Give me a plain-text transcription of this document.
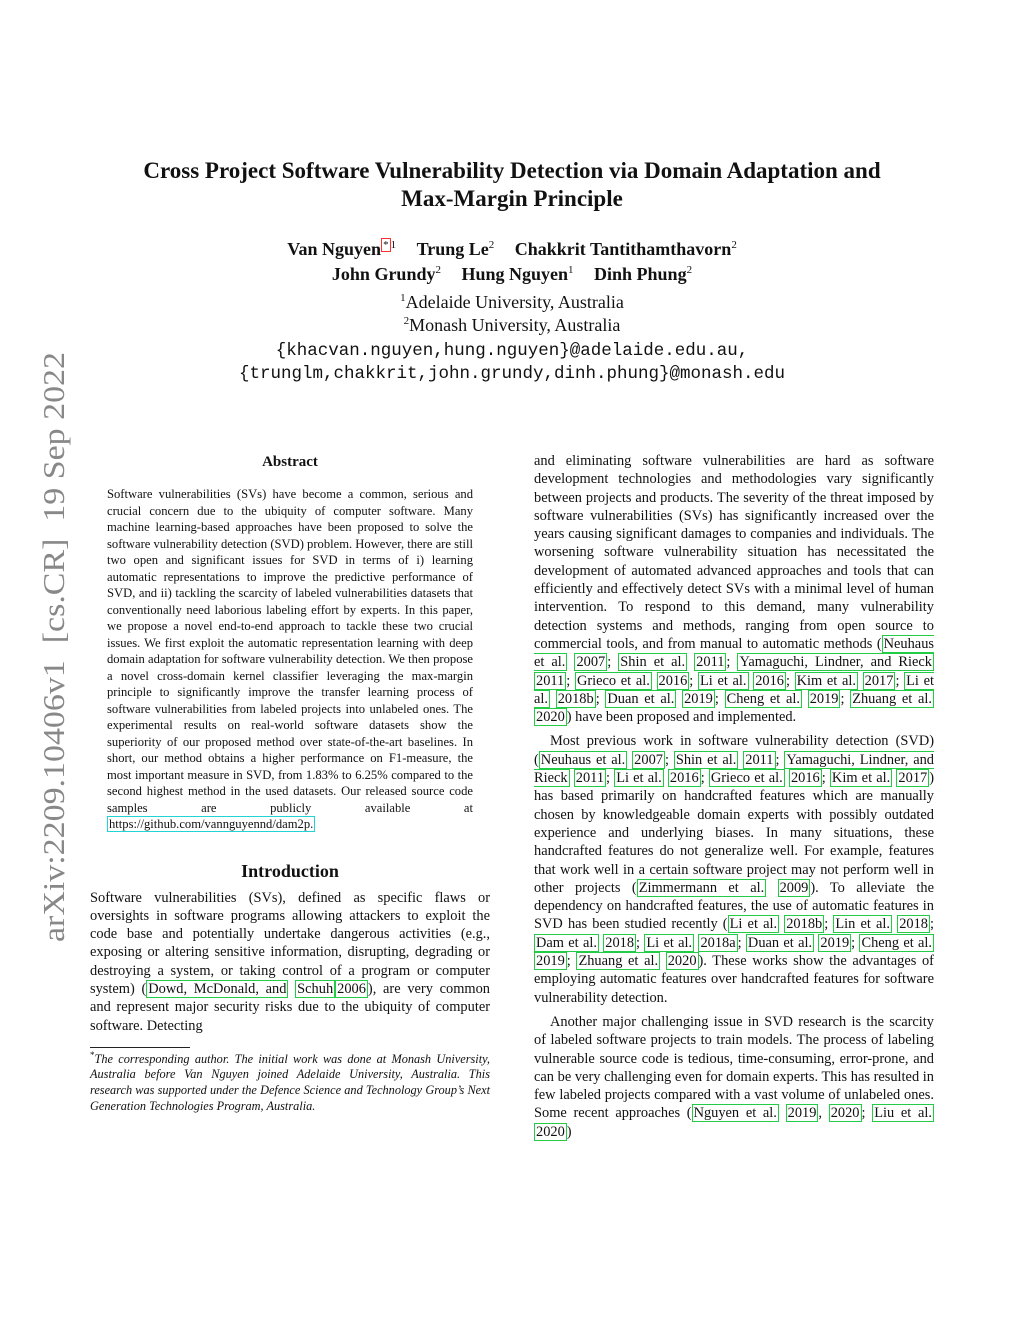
arXiv:2209.10406v1  [cs.CR]  19 Sep 2022
Cross Project Software Vulnerability Detection via Domain Adaptation and
Max-Margin Principle
Van Nguyen $^{* 1}$ Trung Le$^2$ Chakkrit Tantithamthavorn$^2$
John Grundy$^2$ Hung Nguyen$^1$ Dinh Phung$^2$
$^1$Adelaide University, Australia
$^2$Monash University, Australia
{khacvan.nguyen,hung.nguyen}@adelaide.edu.au,
{trunglm,chakkrit,john.grundy,dinh.phung}@monash.edu
Abstract

Software vulnerabilities (SVs) have become a common, serious and crucial concern due to the ubiquity of computer software. Many machine learning-based approaches have been proposed to solve the software vulnerability detection (SVD) problem. However, there are still two open and significant issues for SVD in terms of i) learning automatic representations to improve the predictive performance of SVD, and ii) tackling the scarcity of labeled vulnerabilities datasets that conventionally need laborious labeling effort by experts. In this paper, we propose a novel end-to-end approach to tackle these two crucial issues. We first exploit the automatic representation learning with deep domain adaptation for software vulnerability detection. We then propose a novel cross-domain kernel classifier leveraging the max-margin principle to significantly improve the transfer learning process of software vulnerabilities from labeled projects into unlabeled ones. The experimental results on real-world software datasets show the superiority of our proposed method over state-of-the-art baselines. In short, our method obtains a higher performance on F1-measure, the most important measure in SVD, from 1.83% to 6.25% compared to the second highest method in the used datasets. Our released source code samples are publicly available at https://github.com/vannguyennd/dam2p.

Introduction

Software vulnerabilities (SVs), defined as specific flaws or oversights in software programs allowing attackers to exploit the code base and potentially undertake dangerous activities (e.g., exposing or altering sensitive information, disrupting, degrading or destroying a system, or taking control of a program or computer system) ( Dowd, McDonald, and Schuh 2006 ), are very common and represent major security risks due to the ubiquity of computer software. Detecting

*The corresponding author. The initial work was done at Monash University, Australia before Van Nguyen joined Adelaide University, Australia. This research was supported under the Defence Science and Technology Group’s Next Generation Technologies Program, Australia.

and eliminating software vulnerabilities are hard as software development technologies and methodologies vary significantly between projects and products. The severity of the threat imposed by software vulnerabilities (SVs) has significantly increased over the years causing significant damages to companies and individuals. The worsening software vulnerability situation has necessitated the development of automated advanced approaches and tools that can efficiently and effectively detect SVs with a minimal level of human intervention. To respond to this demand, many vulnerability detection systems and methods, ranging from open source to commercial tools, and from manual to automatic methods ( Neuhaus et al. 2007 ; Shin et al. 2011 ; Yamaguchi, Lindner, and Rieck 2011 ; Grieco et al. 2016 ; Li et al. 2016 ; Kim et al. 2017 ; Li et al. 2018b ; Duan et al. 2019 ; Cheng et al. 2019 ; Zhuang et al. 2020 ) have been proposed and implemented.

Most previous work in software vulnerability detection (SVD)( Neuhaus et al. 2007 ; Shin et al. 2011 ; Yamaguchi, Lindner, and Rieck 2011 ; Li et al. 2016 ; Grieco et al. 2016 ; Kim et al. 2017 ) has based primarily on handcrafted features which are manually chosen by knowledgeable domain experts with possibly outdated experience and underlying biases. In many situations, these handcrafted features do not generalize well. For example, features that work well in a certain software project may not perform well in other projects ( Zimmermann et al. 2009 ). To alleviate the dependency on handcrafted features, the use of automatic features in SVD has been studied recently ( Li et al. 2018b ; Lin et al. 2018 ; Dam et al. 2018 ; Li et al. 2018a ; Duan et al. 2019 ; Cheng et al. 2019 ; Zhuang et al. 2020 ). These works show the advantages of employing automatic features over handcrafted features for software vulnerability detection.

Another major challenging issue in SVD research is the scarcity of labeled software projects to train models. The process of labeling vulnerable source code is tedious, time-consuming, error-prone, and can be very challenging even for domain experts. This has resulted in few labeled projects compared with a vast volume of unlabeled ones. Some recent approaches ( Nguyen et al. 2019 , 2020 ; Liu et al. 2020 )
